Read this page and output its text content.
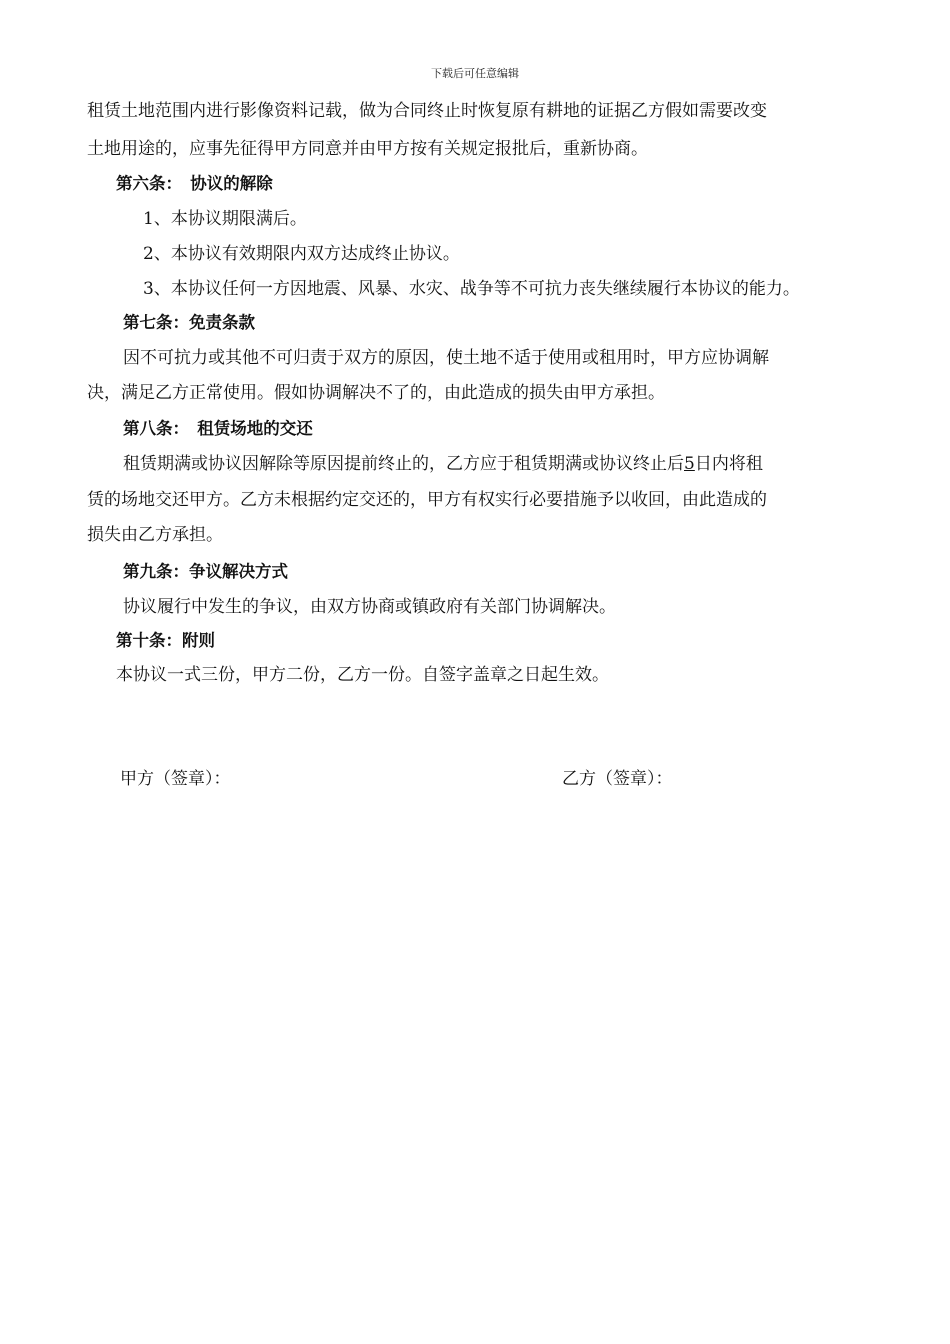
下载后可任意编辑
租赁土地范围内进行影像资料记载，做为合同终止时恢复原有耕地的证据乙方假如需要改变
土地用途的，应事先征得甲方同意并由甲方按有关规定报批后，重新协商。
第六条：　协议的解除
1、本协议期限满后。
2、本协议有效期限内双方达成终止协议。
3、本协议任何一方因地震、风暴、水灾、战争等不可抗力丧失继续履行本协议的能力。
第七条：免责条款
因不可抗力或其他不可归责于双方的原因，使土地不适于使用或租用时，甲方应协调解
决，满足乙方正常使用。假如协调解决不了的，由此造成的损失由甲方承担。
第八条：　租赁场地的交还
租赁期满或协议因解除等原因提前终止的，乙方应于租赁期满或协议终止后5日内将租
赁的场地交还甲方。乙方未根据约定交还的，甲方有权实行必要措施予以收回，由此造成的
损失由乙方承担。
第九条：争议解决方式
协议履行中发生的争议，由双方协商或镇政府有关部门协调解决。
第十条：附则
本协议一式三份，甲方二份，乙方一份。自签字盖章之日起生效。
甲方（签章）：	乙方（签章）：
